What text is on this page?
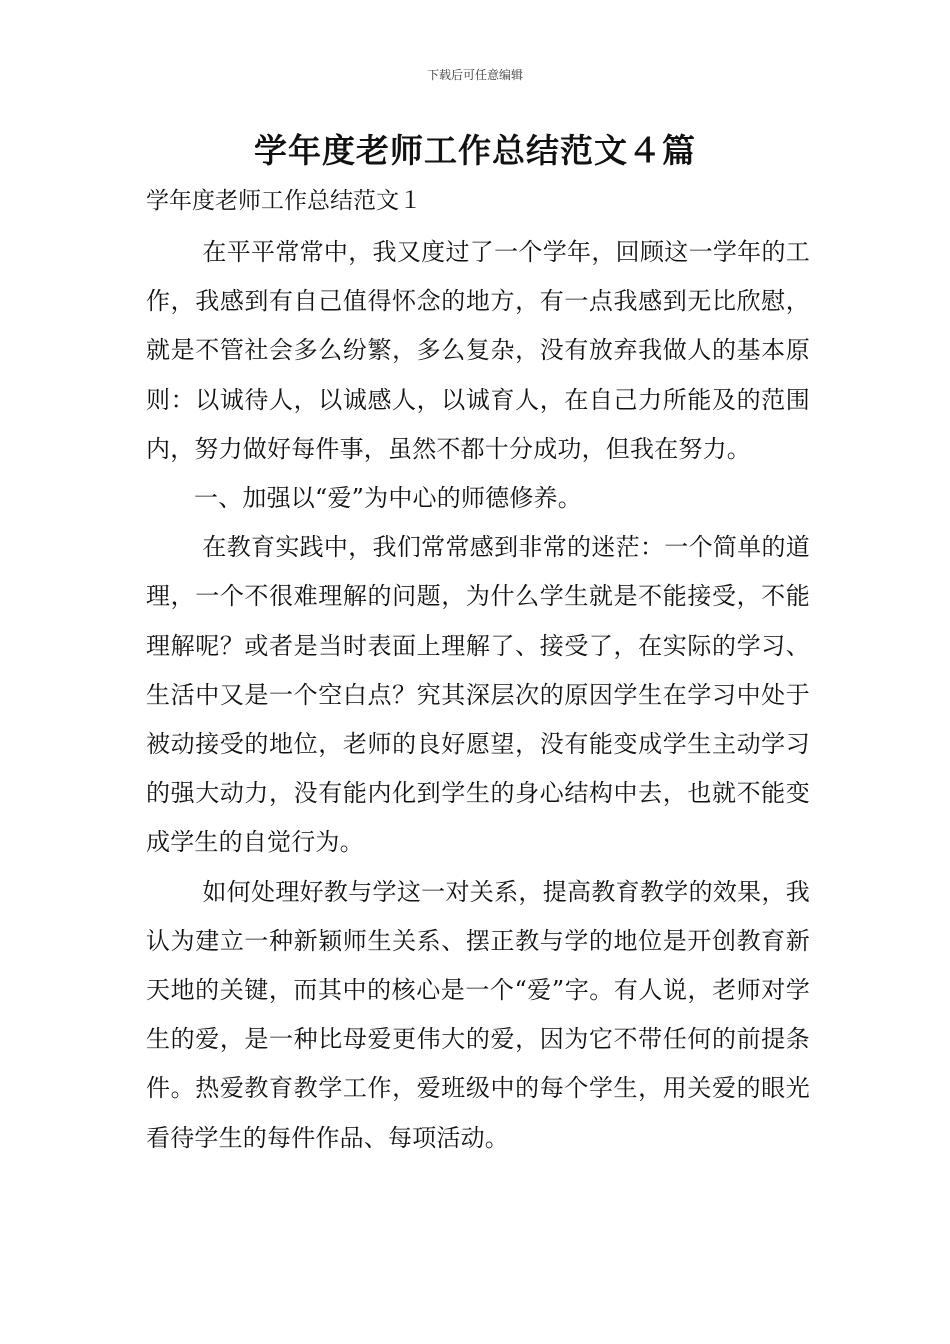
下载后可任意编辑
学年度老师工作总结范文４篇

学年度老师工作总结范文１

在平平常常中，我又度过了一个学年，回顾这一学年的工作，我感到有自己值得怀念的地方，有一点我感到无比欣慰，就是不管社会多么纷繁，多么复杂，没有放弃我做人的基本原则：以诚待人，以诚感人，以诚育人，在自己力所能及的范围内，努力做好每件事，虽然不都十分成功，但我在努力。

一、加强以“爱”为中心的师德修养。

在教育实践中，我们常常感到非常的迷茫：一个简单的道理，一个不很难理解的问题，为什么学生就是不能接受，不能理解呢？或者是当时表面上理解了、接受了，在实际的学习、生活中又是一个空白点？究其深层次的原因学生在学习中处于被动接受的地位，老师的良好愿望，没有能变成学生主动学习的强大动力，没有能内化到学生的身心结构中去，也就不能变成学生的自觉行为。

如何处理好教与学这一对关系，提高教育教学的效果，我认为建立一种新颖师生关系、摆正教与学的地位是开创教育新天地的关键，而其中的核心是一个“爱”字。有人说，老师对学生的爱，是一种比母爱更伟大的爱，因为它不带任何的前提条件。热爱教育教学工作，爱班级中的每个学生，用关爱的眼光看待学生的每件作品、每项活动。
